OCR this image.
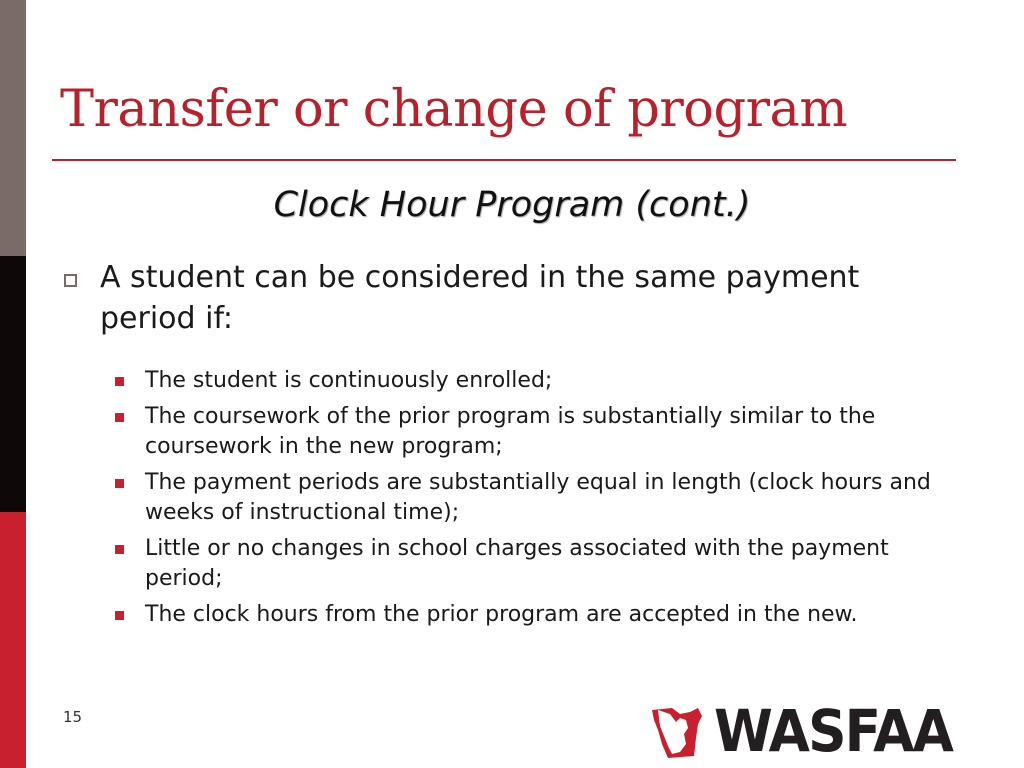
Transfer or change of program
Clock Hour Program (cont.)
A student can be considered in the same payment period if:
The student is continuously enrolled;
The coursework of the prior program is substantially similar to the coursework in the new program;
The payment periods are substantially equal in length (clock hours and weeks of instructional time);
Little or no changes in school charges associated with the payment period;
The clock hours from the prior program are accepted in the new.
15	WASFAA
